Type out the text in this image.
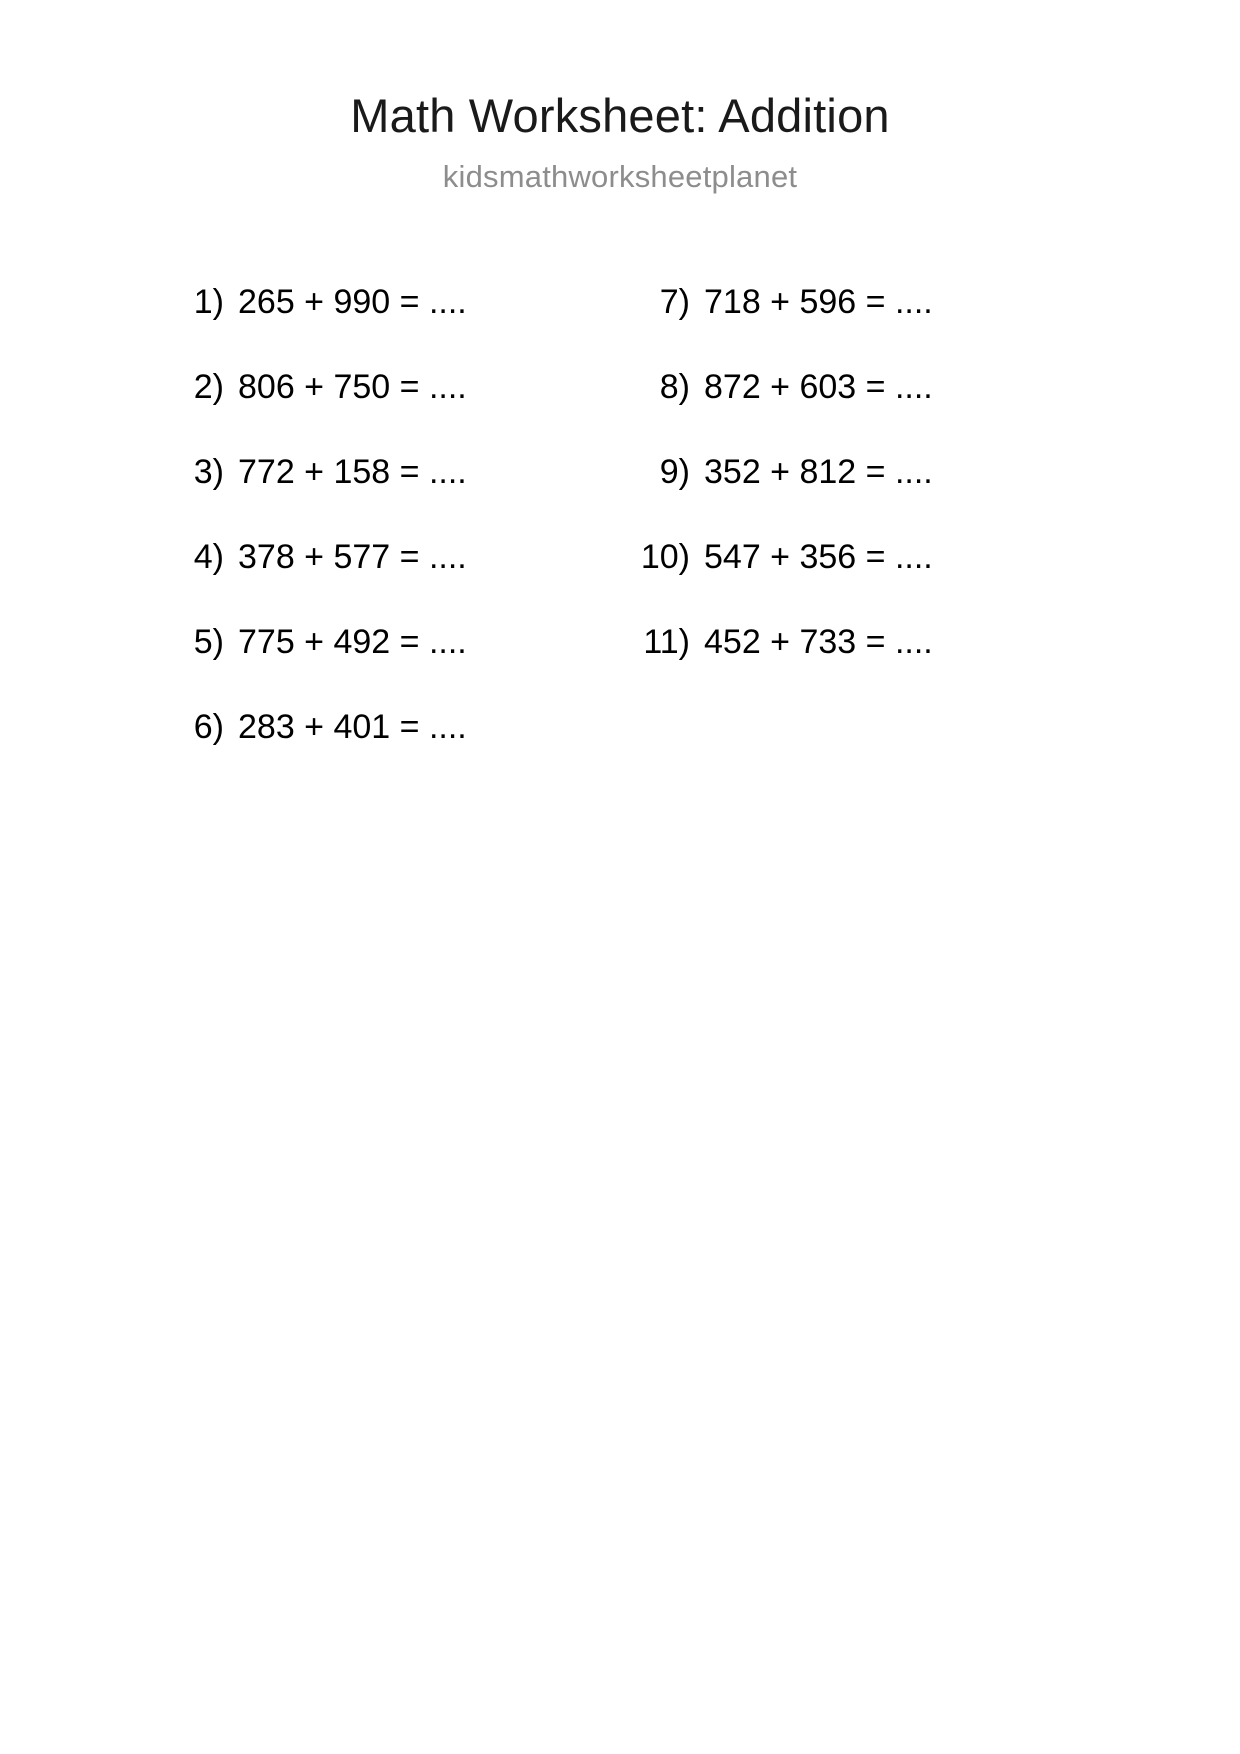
Math Worksheet: Addition
kidsmathworksheetplanet
1) 265 + 990 = ....
2) 806 + 750 = ....
3) 772 + 158 = ....
4) 378 + 577 = ....
5) 775 + 492 = ....
6) 283 + 401 = ....
7) 718 + 596 = ....
8) 872 + 603 = ....
9) 352 + 812 = ....
10) 547 + 356 = ....
11) 452 + 733 = ....
